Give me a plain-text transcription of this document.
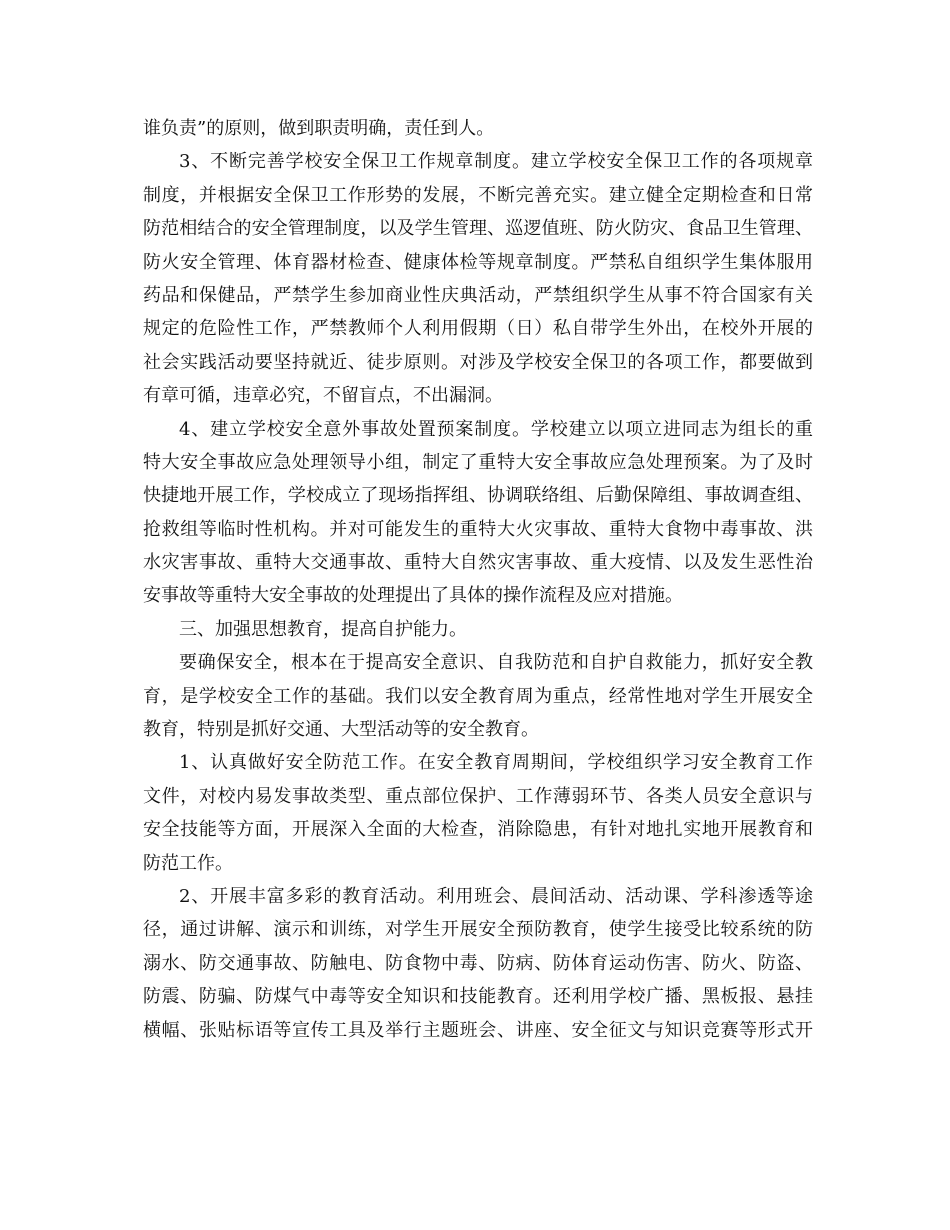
谁负责”的原则，做到职责明确，责任到人。
3、不断完善学校安全保卫工作规章制度。建立学校安全保卫工作的各项规章
制度，并根据安全保卫工作形势的发展，不断完善充实。建立健全定期检查和日常
防范相结合的安全管理制度，以及学生管理、巡逻值班、防火防灾、食品卫生管理、
防火安全管理、体育器材检查、健康体检等规章制度。严禁私自组织学生集体服用
药品和保健品，严禁学生参加商业性庆典活动，严禁组织学生从事不符合国家有关
规定的危险性工作，严禁教师个人利用假期（日）私自带学生外出，在校外开展的
社会实践活动要坚持就近、徒步原则。对涉及学校安全保卫的各项工作，都要做到
有章可循，违章必究，不留盲点，不出漏洞。
4、建立学校安全意外事故处置预案制度。学校建立以项立进同志为组长的重
特大安全事故应急处理领导小组，制定了重特大安全事故应急处理预案。为了及时
快捷地开展工作，学校成立了现场指挥组、协调联络组、后勤保障组、事故调查组、
抢救组等临时性机构。并对可能发生的重特大火灾事故、重特大食物中毒事故、洪
水灾害事故、重特大交通事故、重特大自然灾害事故、重大疫情、以及发生恶性治
安事故等重特大安全事故的处理提出了具体的操作流程及应对措施。
三、加强思想教育，提高自护能力。
要确保安全，根本在于提高安全意识、自我防范和自护自救能力，抓好安全教
育，是学校安全工作的基础。我们以安全教育周为重点，经常性地对学生开展安全
教育，特别是抓好交通、大型活动等的安全教育。
1、认真做好安全防范工作。在安全教育周期间，学校组织学习安全教育工作
文件，对校内易发事故类型、重点部位保护、工作薄弱环节、各类人员安全意识与
安全技能等方面，开展深入全面的大检查，消除隐患，有针对地扎实地开展教育和
防范工作。
2、开展丰富多彩的教育活动。利用班会、晨间活动、活动课、学科渗透等途
径，通过讲解、演示和训练，对学生开展安全预防教育，使学生接受比较系统的防
溺水、防交通事故、防触电、防食物中毒、防病、防体育运动伤害、防火、防盗、
防震、防骗、防煤气中毒等安全知识和技能教育。还利用学校广播、黑板报、悬挂
横幅、张贴标语等宣传工具及举行主题班会、讲座、安全征文与知识竞赛等形式开
